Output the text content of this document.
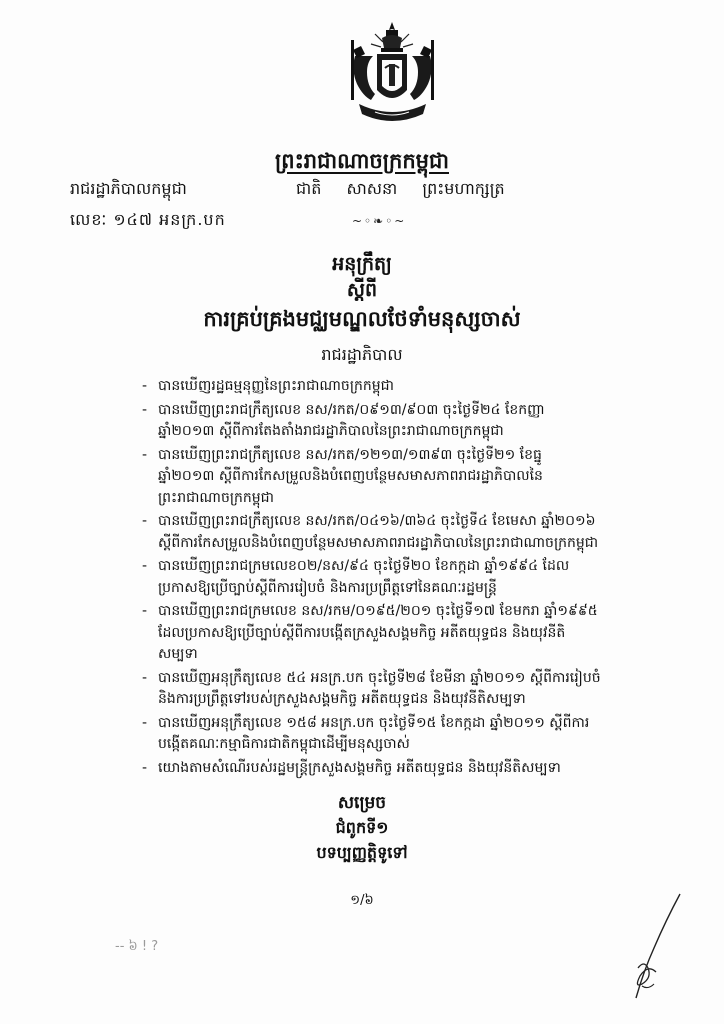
ព្រះរាជាណាចក្រកម្ពុជា
រាជរដ្ឋាភិបាលកម្ពុជា	ជាតិ សាសនា ព្រះមហាក្សត្រ
លេខៈ ១៤៧ អនក្រ.បក	~◦❧◦~
អនុក្រឹត្យ
ស្តីពី
ការគ្រប់គ្រងមជ្ឈមណ្ឌលថែទាំមនុស្សចាស់
រាជរដ្ឋាភិបាល
- បានឃើញរដ្ឋធម្មនុញ្ញនៃព្រះរាជាណាចក្រកម្ពុជា
- បានឃើញព្រះរាជក្រឹត្យលេខ នស/រកត/០៩១៣/៩០៣ ចុះថ្ងៃទី២៤ ខែកញ្ញា ឆ្នាំ២០១៣ ស្តីពីការតែងតាំងរាជរដ្ឋាភិបាលនៃព្រះរាជាណាចក្រកម្ពុជា
- បានឃើញព្រះរាជក្រឹត្យលេខ នស/រកត/១២១៣/១៣៩៣ ចុះថ្ងៃទី២១ ខែធ្នូ ឆ្នាំ២០១៣ ស្តីពីការកែសម្រួលនិងបំពេញបន្ថែមសមាសភាពរាជរដ្ឋាភិបាលនៃព្រះរាជាណាចក្រកម្ពុជា
- បានឃើញព្រះរាជក្រឹត្យលេខ នស/រកត/០៤១៦/៣៦៤ ចុះថ្ងៃទី៤ ខែមេសា ឆ្នាំ២០១៦ ស្តីពីការកែសម្រួលនិងបំពេញបន្ថែមសមាសភាពរាជរដ្ឋាភិបាលនៃព្រះរាជាណាចក្រកម្ពុជា
- បានឃើញព្រះរាជក្រមលេខ០២/នស/៩៤ ចុះថ្ងៃទី២០ ខែកក្កដា ឆ្នាំ១៩៩៤ ដែលប្រកាសឱ្យប្រើច្បាប់ស្តីពីការរៀបចំ និងការប្រព្រឹត្តទៅនៃគណៈរដ្ឋមន្ត្រី
- បានឃើញព្រះរាជក្រមលេខ នស/រកម/០១៩៥/២០១ ចុះថ្ងៃទី១៧ ខែមករា ឆ្នាំ១៩៩៥ ដែលប្រកាសឱ្យប្រើច្បាប់ស្តីពីការបង្កើតក្រសួងសង្គមកិច្ច អតីតយុទ្ធជន និងយុវនីតិសម្បទា
- បានឃើញអនុក្រឹត្យលេខ ៥៤ អនក្រ.បក ចុះថ្ងៃទី២៨ ខែមីនា ឆ្នាំ២០១១ ស្តីពីការរៀបចំនិងការប្រព្រឹត្តទៅរបស់ក្រសួងសង្គមកិច្ច អតីតយុទ្ធជន និងយុវនីតិសម្បទា
- បានឃើញអនុក្រឹត្យលេខ ១៥៨ អនក្រ.បក ចុះថ្ងៃទី១៥ ខែកក្កដា ឆ្នាំ២០១១ ស្តីពីការបង្កើតគណៈកម្មាធិការជាតិកម្ពុជាដើម្បីមនុស្សចាស់
- យោងតាមសំណើរបស់រដ្ឋមន្ត្រីក្រសួងសង្គមកិច្ច អតីតយុទ្ធជន និងយុវនីតិសម្បទា
សម្រេច
ជំពូកទី១
បទប្បញ្ញត្តិទូទៅ
១/៦
-- ៦ ! ?
